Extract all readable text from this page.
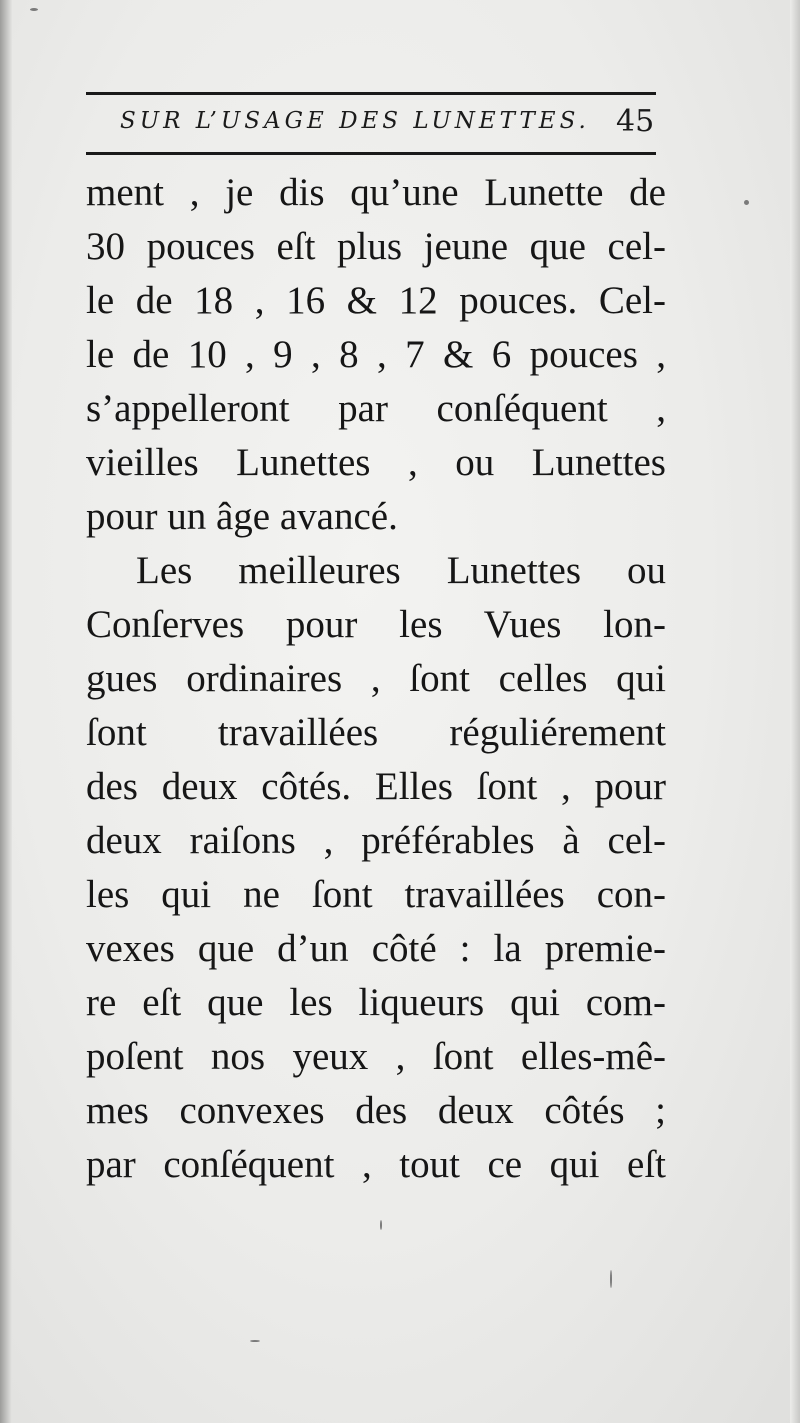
SUR L’USAGE DES LUNETTES. 45
ment , je dis qu’une Lunette de
30 pouces eſt plus jeune que cel-
le de 18 , 16 & 12 pouces. Cel-
le de 10 , 9 , 8 , 7 & 6 pouces ,
s’appelleront par conſéquent ,
vieilles Lunettes , ou Lunettes
pour un âge avancé.
Les meilleures Lunettes ou
Conſerves pour les Vues lon-
gues ordinaires , ſont celles qui
ſont travaillées réguliérement
des deux côtés. Elles ſont , pour
deux raiſons , préférables à cel-
les qui ne ſont travaillées con-
vexes que d’un côté : la premie-
re eſt que les liqueurs qui com-
poſent nos yeux , ſont elles-mê-
mes convexes des deux côtés ;
par conſéquent , tout ce qui eſt
